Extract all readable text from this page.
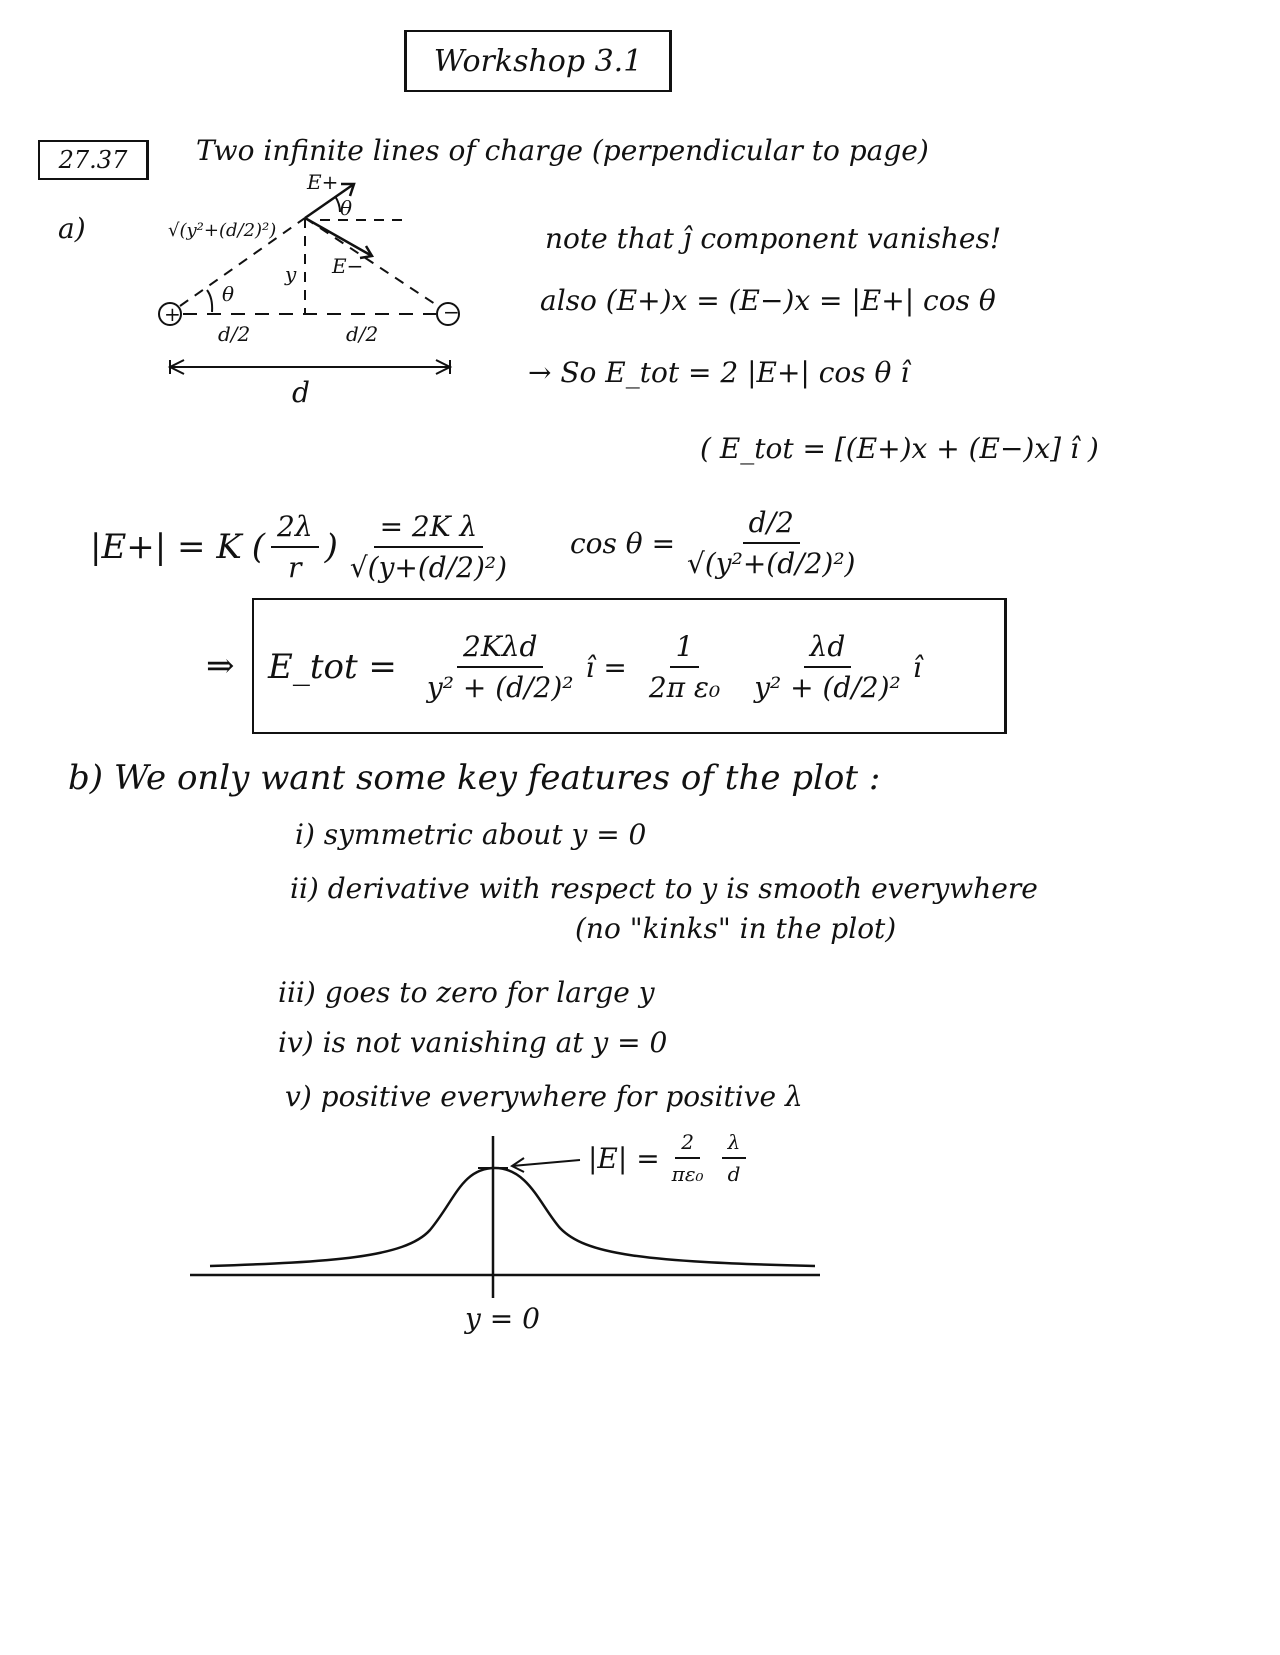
Workshop 3.1
27.37 Two infinite lines of charge (perpendicular to page)
a)
+	−
E+
E−
θ
θ
√(y²+(d/2)²)
y
d/2	d/2
d
note that ĵ component vanishes!
also (E+)x = (E−)x = |E+| cos θ
→ So E_tot = 2 |E+| cos θ î
( E_tot = [(E+)x + (E−)x] î )
|E+| = K ( $\frac{2\lambda}{r}$ ) $\frac{\text{= 2K λ}}{\text{√(y+(d/2)²)}}$ $\cos \theta = \frac{d/2}{\text{√(y²+(d/2)²)}}$
⇒ E_tot = $\frac{\text{2Kλd}}{\text{y² + (d/2)²}}$ î = $\frac{1}{\text{2π ε₀}} \frac{\lambda d}{\text{y² + (d/2)²}}$ î
b) We only want some key features of the plot :
i) symmetric about y = 0
ii) derivative with respect to y is smooth everywhere
(no "kinks" in the plot)
iii) goes to zero for large y
iv) is not vanishing at y = 0
v) positive everywhere for positive λ
$|E| = \frac{2}{\text{πε₀}} \frac{\lambda}{d}$
y = 0
